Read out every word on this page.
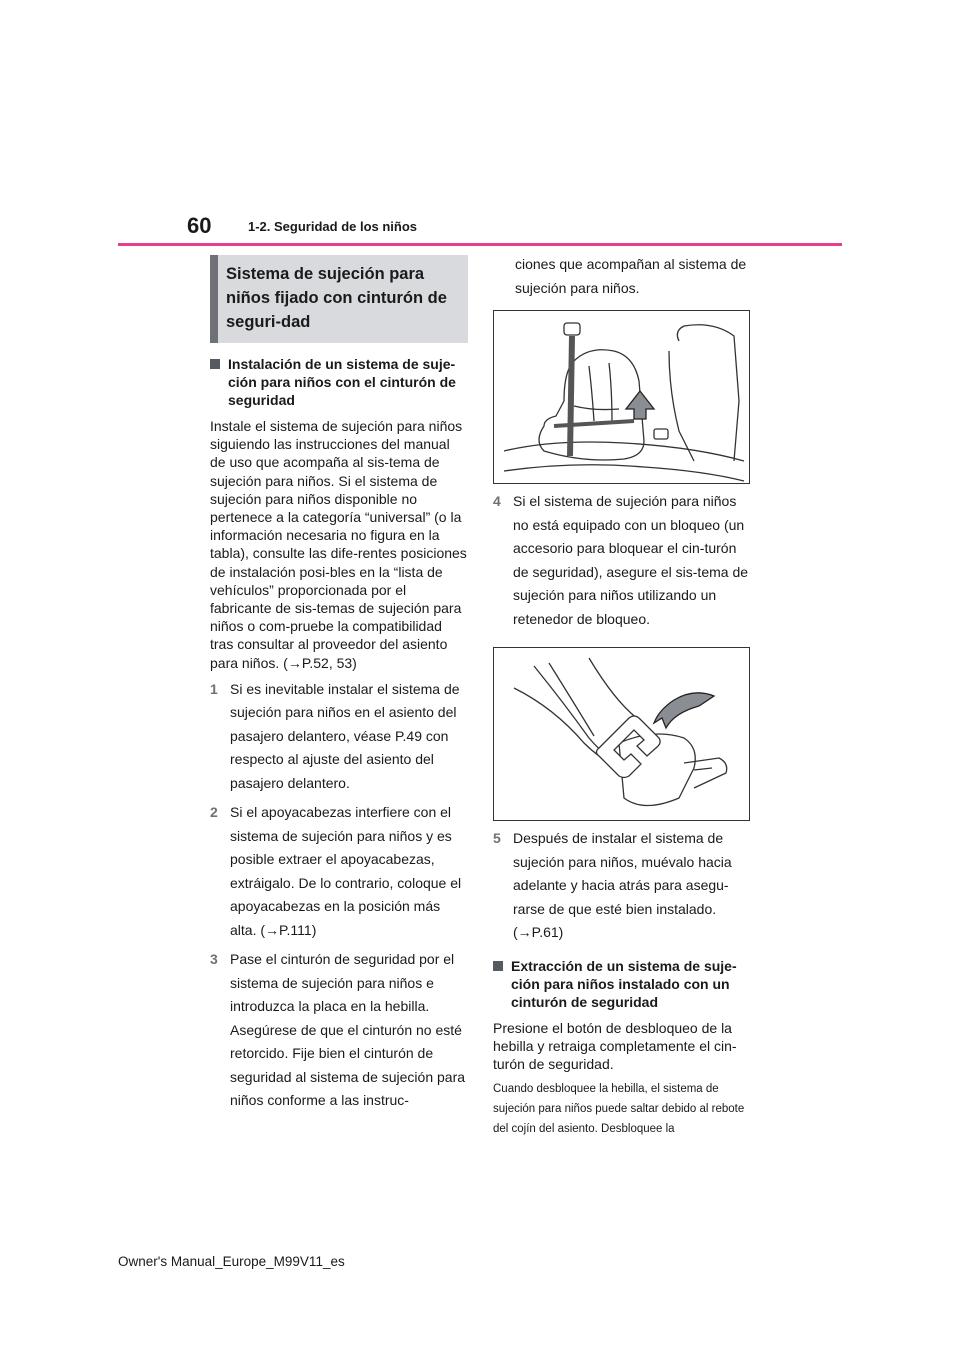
60	1-2. Seguridad de los niños
Sistema de sujeción para niños fijado con cinturón de seguri-dad
Instalación de un sistema de suje-ción para niños con el cinturón de seguridad
Instale el sistema de sujeción para niños siguiendo las instrucciones del manual de uso que acompaña al sis-tema de sujeción para niños. Si el sistema de sujeción para niños disponible no pertenece a la categoría “universal” (o la información necesaria no figura en la tabla), consulte las dife-rentes posiciones de instalación posi-bles en la “lista de vehículos” proporcionada por el fabricante de sis-temas de sujeción para niños o com-pruebe la compatibilidad tras consultar al proveedor del asiento para niños. (→P.52, 53)
1 Si es inevitable instalar el sistema de sujeción para niños en el asiento del pasajero delantero, véase P.49 con respecto al ajuste del asiento del pasajero delantero.
2 Si el apoyacabezas interfiere con el sistema de sujeción para niños y es posible extraer el apoyacabezas, extráigalo. De lo contrario, coloque el apoyacabezas en la posición más alta. (→P.111)
3 Pase el cinturón de seguridad por el sistema de sujeción para niños e introduzca la placa en la hebilla. Asegúrese de que el cinturón no esté retorcido. Fije bien el cinturón de seguridad al sistema de sujeción para niños conforme a las instruc-
ciones que acompañan al sistema de sujeción para niños.
4 Si el sistema de sujeción para niños no está equipado con un bloqueo (un accesorio para bloquear el cin-turón de seguridad), asegure el sis-tema de sujeción para niños utilizando un retenedor de bloqueo.
5 Después de instalar el sistema de sujeción para niños, muévalo hacia adelante y hacia atrás para asegu-rarse de que esté bien instalado. (→P.61)
Extracción de un sistema de suje-ción para niños instalado con un cinturón de seguridad
Presione el botón de desbloqueo de la hebilla y retraiga completamente el cin-turón de seguridad.
Cuando desbloquee la hebilla, el sistema de sujeción para niños puede saltar debido al rebote del cojín del asiento. Desbloquee la
Owner's Manual_Europe_M99V11_es
